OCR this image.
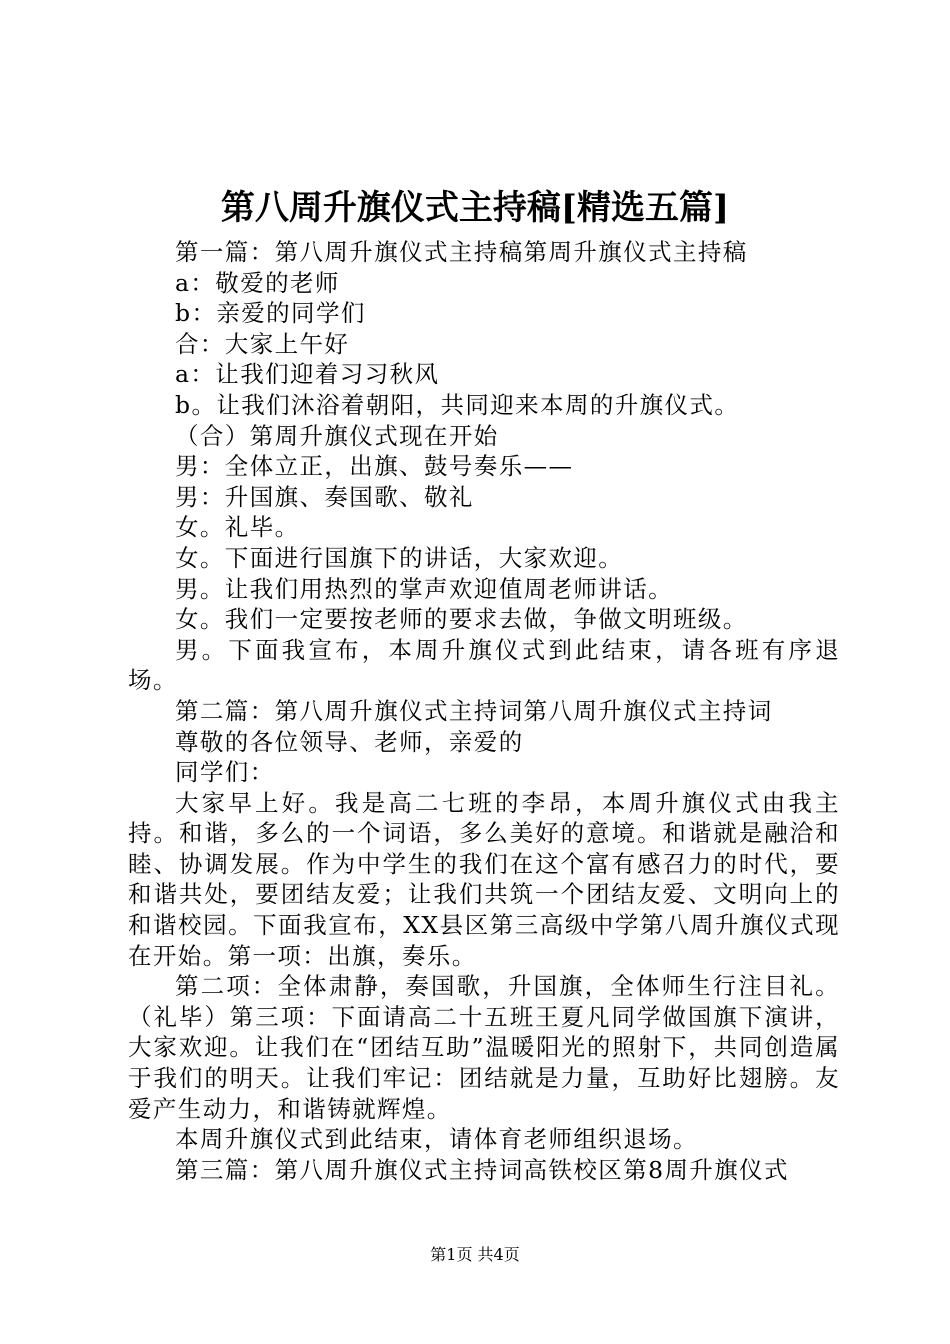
第八周升旗仪式主持稿[精选五篇]

第一篇：第八周升旗仪式主持稿第周升旗仪式主持稿

a：敬爱的老师

b：亲爱的同学们

合：大家上午好

a：让我们迎着习习秋风

b。让我们沐浴着朝阳，共同迎来本周的升旗仪式。

（合）第周升旗仪式现在开始

男：全体立正，出旗、鼓号奏乐——

男：升国旗、奏国歌、敬礼

女。礼毕。

女。下面进行国旗下的讲话，大家欢迎。

男。让我们用热烈的掌声欢迎值周老师讲话。

女。我们一定要按老师的要求去做，争做文明班级。

男。下面我宣布，本周升旗仪式到此结束，请各班有序退场。

第二篇：第八周升旗仪式主持词第八周升旗仪式主持词

尊敬的各位领导、老师，亲爱的

同学们：

大家早上好。我是高二七班的李昂，本周升旗仪式由我主持。和谐，多么的一个词语，多么美好的意境。和谐就是融洽和睦、协调发展。作为中学生的我们在这个富有感召力的时代，要和谐共处，要团结友爱；让我们共筑一个团结友爱、文明向上的和谐校园。下面我宣布，XX县区第三高级中学第八周升旗仪式现在开始。第一项：出旗，奏乐。

第二项：全体肃静，奏国歌，升国旗，全体师生行注目礼。（礼毕）第三项：下面请高二十五班王夏凡同学做国旗下演讲，大家欢迎。让我们在“团结互助”温暖阳光的照射下，共同创造属于我们的明天。让我们牢记：团结就是力量，互助好比翅膀。友爱产生动力，和谐铸就辉煌。

本周升旗仪式到此结束，请体育老师组织退场。

第三篇：第八周升旗仪式主持词高铁校区第8周升旗仪式

第1页 共4页
